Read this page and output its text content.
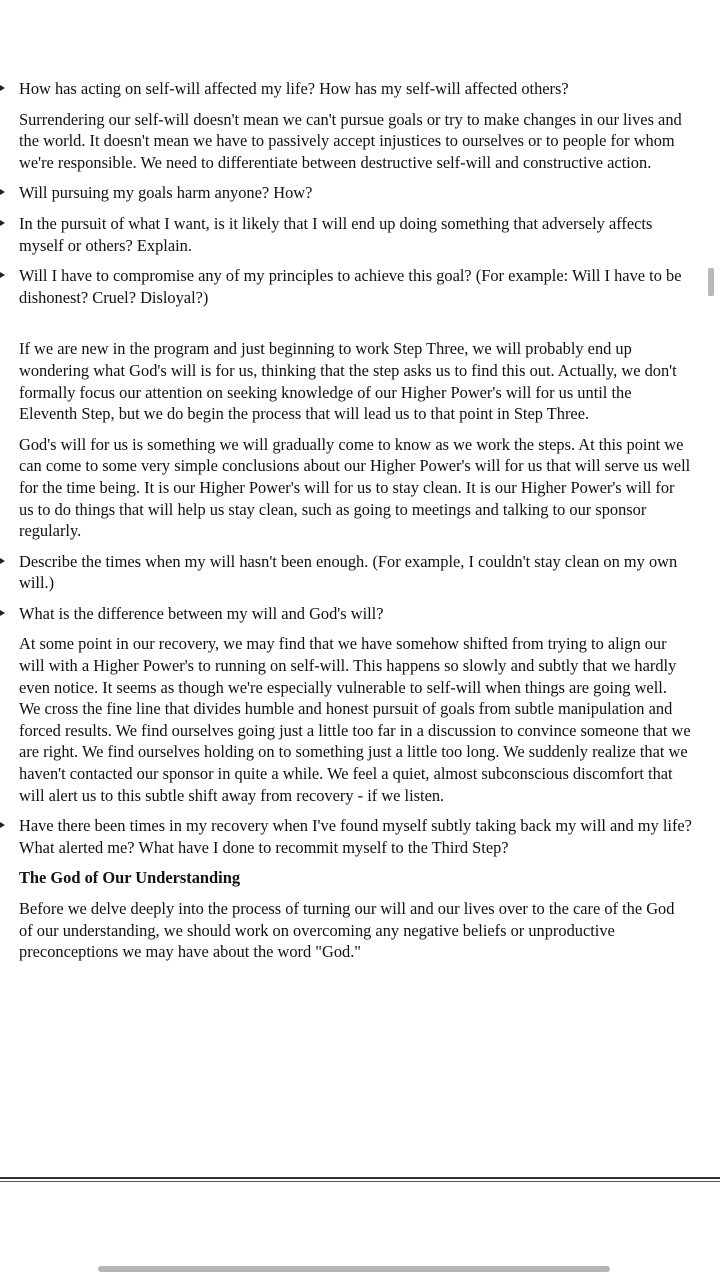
How has acting on self-will affected my life? How has my self-will affected others?
Surrendering our self-will doesn't mean we can't pursue goals or try to make changes in our lives and the world. It doesn't mean we have to passively accept injustices to ourselves or to people for whom we're responsible. We need to differentiate between destructive self-will and constructive action.
Will pursuing my goals harm anyone? How?
In the pursuit of what I want, is it likely that I will end up doing something that adversely affects myself or others? Explain.
Will I have to compromise any of my principles to achieve this goal? (For example: Will I have to be dishonest? Cruel? Disloyal?)
If we are new in the program and just beginning to work Step Three, we will probably end up wondering what God's will is for us, thinking that the step asks us to find this out. Actually, we don't formally focus our attention on seeking knowledge of our Higher Power's will for us until the Eleventh Step, but we do begin the process that will lead us to that point in Step Three.
God's will for us is something we will gradually come to know as we work the steps. At this point we can come to some very simple conclusions about our Higher Power's will for us that will serve us well for the time being. It is our Higher Power's will for us to stay clean. It is our Higher Power's will for us to do things that will help us stay clean, such as going to meetings and talking to our sponsor regularly.
Describe the times when my will hasn't been enough. (For example, I couldn't stay clean on my own will.)
What is the difference between my will and God's will?
At some point in our recovery, we may find that we have somehow shifted from trying to align our will with a Higher Power's to running on self-will. This happens so slowly and subtly that we hardly even notice. It seems as though we're especially vulnerable to self-will when things are going well. We cross the fine line that divides humble and honest pursuit of goals from subtle manipulation and forced results. We find ourselves going just a little too far in a discussion to convince someone that we are right. We find ourselves holding on to something just a little too long. We suddenly realize that we haven't contacted our sponsor in quite a while. We feel a quiet, almost subconscious discomfort that will alert us to this subtle shift away from recovery - if we listen.
Have there been times in my recovery when I've found myself subtly taking back my will and my life? What alerted me? What have I done to recommit myself to the Third Step?
The God of Our Understanding
Before we delve deeply into the process of turning our will and our lives over to the care of the God of our understanding, we should work on overcoming any negative beliefs or unproductive preconceptions we may have about the word "God."
